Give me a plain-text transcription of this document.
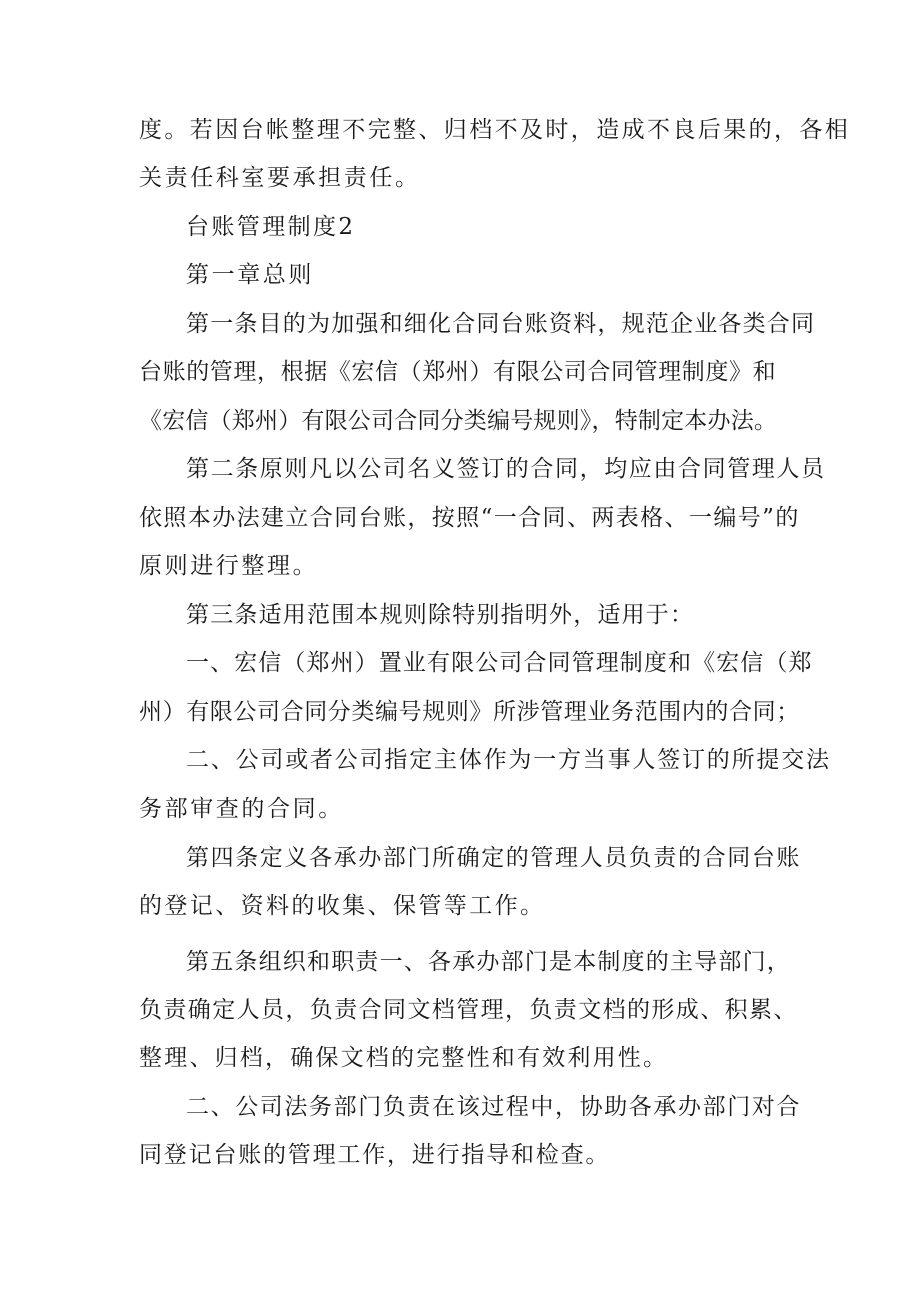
度。若因台帐整理不完整、归档不及时，造成不良后果的，各相
关责任科室要承担责任。
台账管理制度2
第一章总则
第一条目的为加强和细化合同台账资料，规范企业各类合同
台账的管理，根据《宏信（郑州）有限公司合同管理制度》和
《宏信（郑州）有限公司合同分类编号规则》，特制定本办法。
第二条原则凡以公司名义签订的合同，均应由合同管理人员
依照本办法建立合同台账，按照“一合同、两表格、一编号”的
原则进行整理。
第三条适用范围本规则除特别指明外，适用于：
一、宏信（郑州）置业有限公司合同管理制度和《宏信（郑
州）有限公司合同分类编号规则》所涉管理业务范围内的合同；
二、公司或者公司指定主体作为一方当事人签订的所提交法
务部审查的合同。
第四条定义各承办部门所确定的管理人员负责的合同台账
的登记、资料的收集、保管等工作。
第五条组织和职责一、各承办部门是本制度的主导部门，
负责确定人员，负责合同文档管理，负责文档的形成、积累、
整理、归档，确保文档的完整性和有效利用性。
二、公司法务部门负责在该过程中，协助各承办部门对合
同登记台账的管理工作，进行指导和检查。
